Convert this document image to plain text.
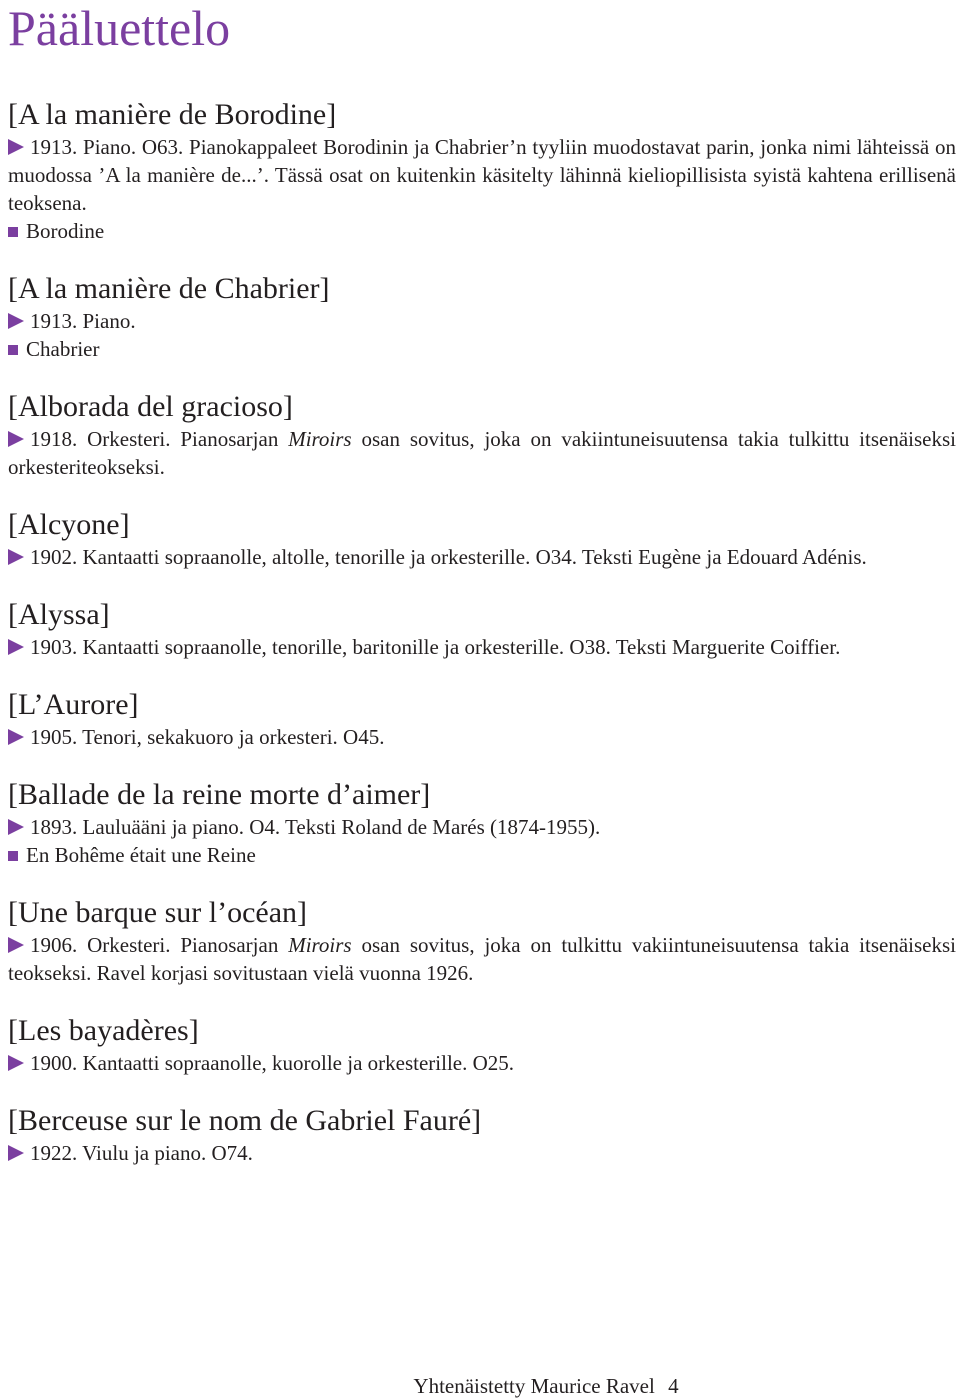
Pääluettelo
[A la manière de Borodine]

1913. Piano. O63. Pianokappaleet Borodinin ja Chabrier’n tyyliin muodostavat parin, jonka nimi lähteissä on muodossa ’A la manière de...’. Tässä osat on kuitenkin käsitelty lähinnä kieliopillisista syistä kahtena erillisenä teoksena.

Borodine

[A la manière de Chabrier]

1913. Piano.

Chabrier

[Alborada del gracioso]

1918. Orkesteri. Pianosarjan Miroirs osan sovitus, joka on vakiintuneisuutensa takia tulkittu itsenäiseksi orkesteriteokseksi.

[Alcyone]

1902. Kantaatti sopraanolle, altolle, tenorille ja orkesterille. O34. Teksti Eugène ja Edouard Adénis.

[Alyssa]

1903. Kantaatti sopraanolle, tenorille, baritonille ja orkesterille. O38. Teksti Marguerite Coiffier.

[L’Aurore]

1905. Tenori, sekakuoro ja orkesteri. O45.

[Ballade de la reine morte d’aimer]

1893. Lauluääni ja piano. O4. Teksti Roland de Marés (1874-1955).

En Bohême était une Reine

[Une barque sur l’océan]

1906. Orkesteri. Pianosarjan Miroirs osan sovitus, joka on tulkittu vakiintuneisuutensa takia itsenäiseksi teokseksi. Ravel korjasi sovitustaan vielä vuonna 1926.

[Les bayadères]

1900. Kantaatti sopraanolle, kuorolle ja orkesterille. O25.

[Berceuse sur le nom de Gabriel Fauré]

1922. Viulu ja piano. O74.

Yhtenäistetty Maurice Ravel 4
